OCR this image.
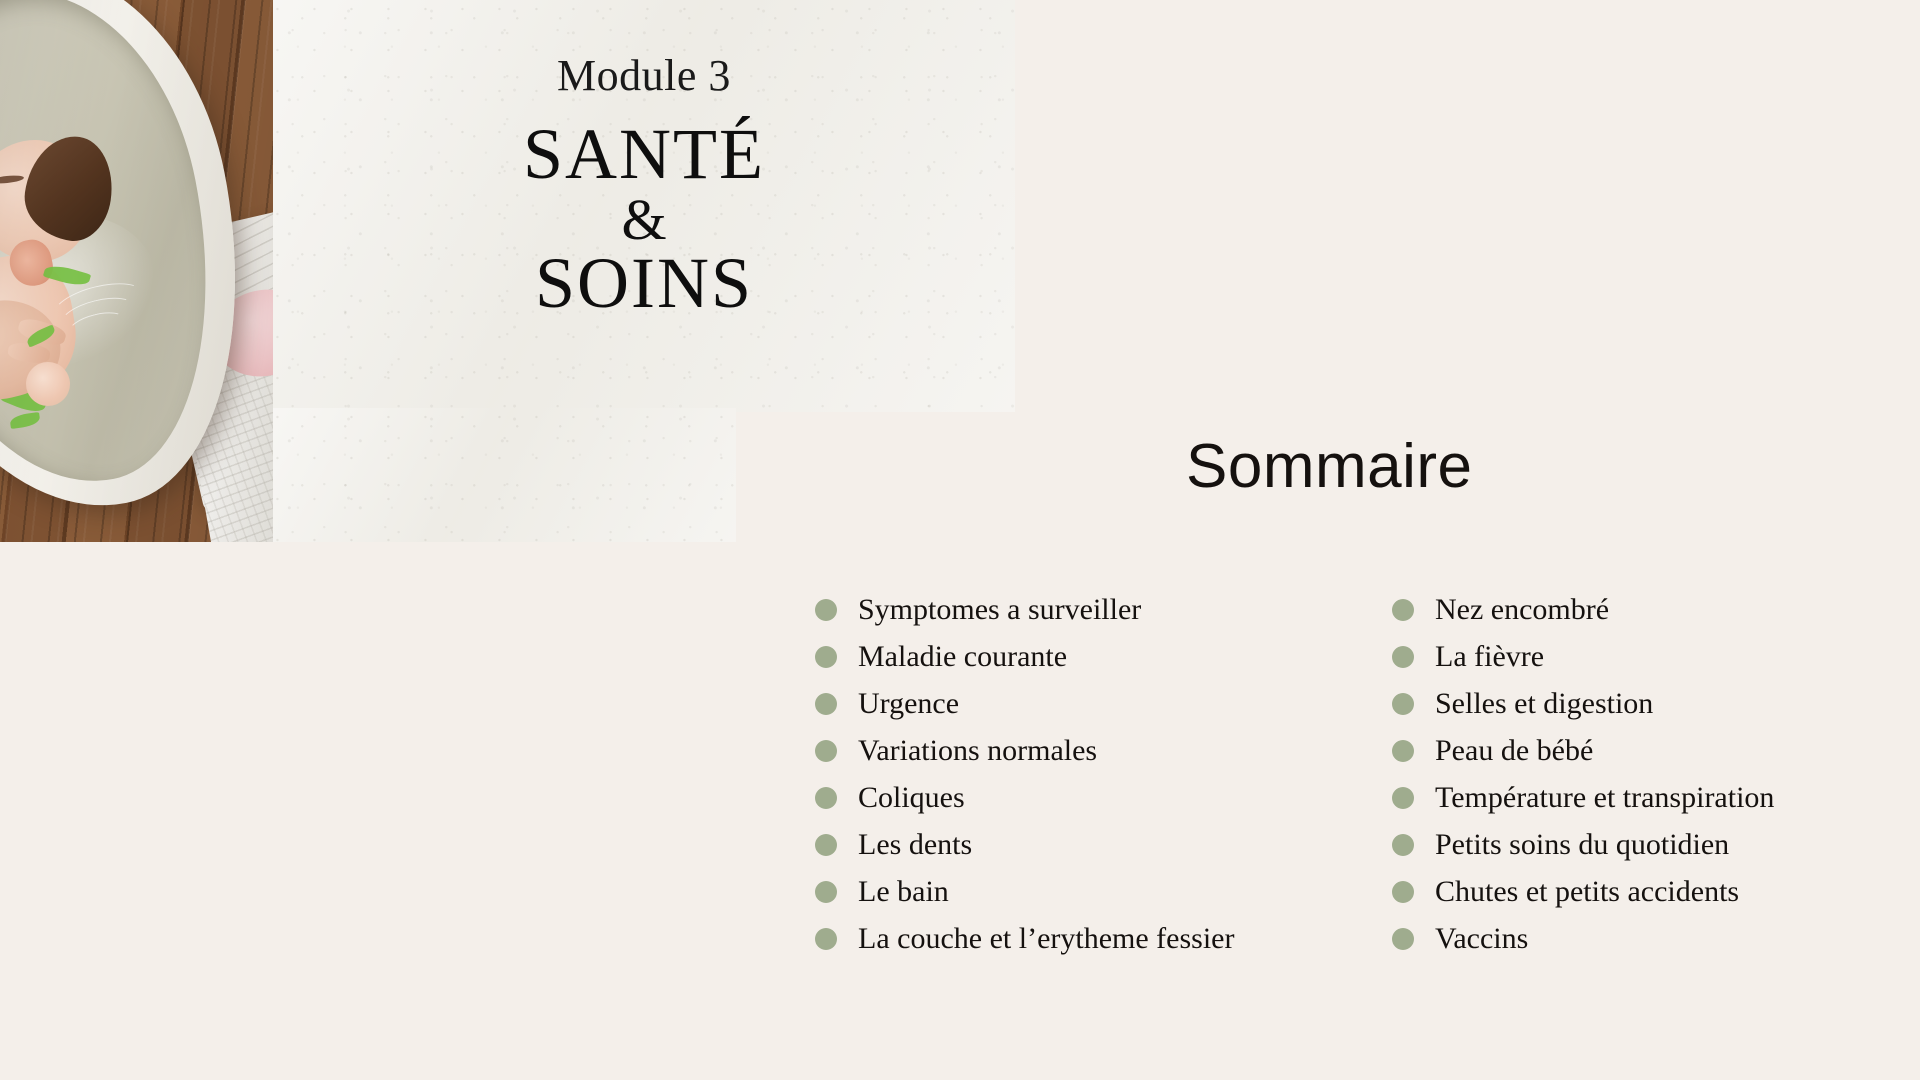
Module 3
SANTÉ
&
SOINS
Sommaire
Symptomes a surveiller
Maladie courante
Urgence
Variations normales
Coliques
Les dents
Le bain
La couche et l’erytheme fessier
Nez encombré
La fièvre
Selles et digestion
Peau de bébé
Température et transpiration
Petits soins du quotidien
Chutes et petits accidents
Vaccins
